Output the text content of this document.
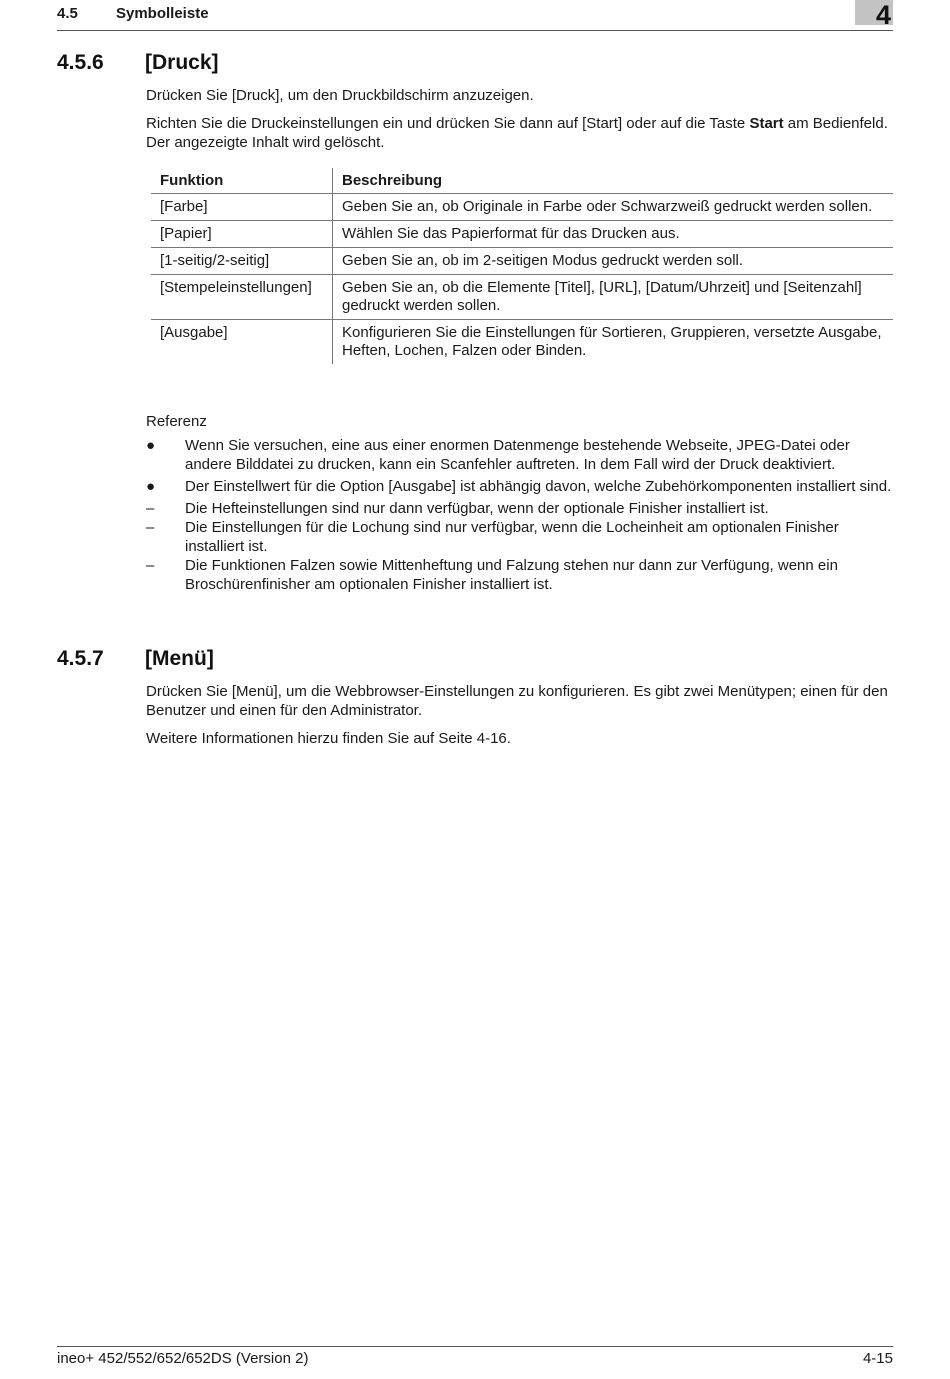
4.5	Symbolleiste	4
4.5.6 [Druck]
Drücken Sie [Druck], um den Druckbildschirm anzuzeigen.
Richten Sie die Druckeinstellungen ein und drücken Sie dann auf [Start] oder auf die Taste Start am Bedienfeld. Der angezeigte Inhalt wird gelöscht.
Funktion	Beschreibung
[Farbe]	Geben Sie an, ob Originale in Farbe oder Schwarzweiß gedruckt werden sollen.
[Papier]	Wählen Sie das Papierformat für das Drucken aus.
[1-seitig/2-seitig]	Geben Sie an, ob im 2-seitigen Modus gedruckt werden soll.
[Stempeleinstellungen]	Geben Sie an, ob die Elemente [Titel], [URL], [Datum/Uhrzeit] und [Seitenzahl] gedruckt werden sollen.
[Ausgabe]	Konfigurieren Sie die Einstellungen für Sortieren, Gruppieren, versetzte Ausgabe, Heften, Lochen, Falzen oder Binden.
Referenz
● Wenn Sie versuchen, eine aus einer enormen Datenmenge bestehende Webseite, JPEG-Datei oder andere Bilddatei zu drucken, kann ein Scanfehler auftreten. In dem Fall wird der Druck deaktiviert.
● Der Einstellwert für die Option [Ausgabe] ist abhängig davon, welche Zubehörkomponenten installiert sind.
– Die Hefteinstellungen sind nur dann verfügbar, wenn der optionale Finisher installiert ist.
– Die Einstellungen für die Lochung sind nur verfügbar, wenn die Locheinheit am optionalen Finisher installiert ist.
– Die Funktionen Falzen sowie Mittenheftung und Falzung stehen nur dann zur Verfügung, wenn ein Broschürenfinisher am optionalen Finisher installiert ist.
4.5.7 [Menü]
Drücken Sie [Menü], um die Webbrowser-Einstellungen zu konfigurieren. Es gibt zwei Menütypen; einen für den Benutzer und einen für den Administrator.
Weitere Informationen hierzu finden Sie auf Seite 4-16.
ineo+ 452/552/652/652DS (Version 2)	4-15
